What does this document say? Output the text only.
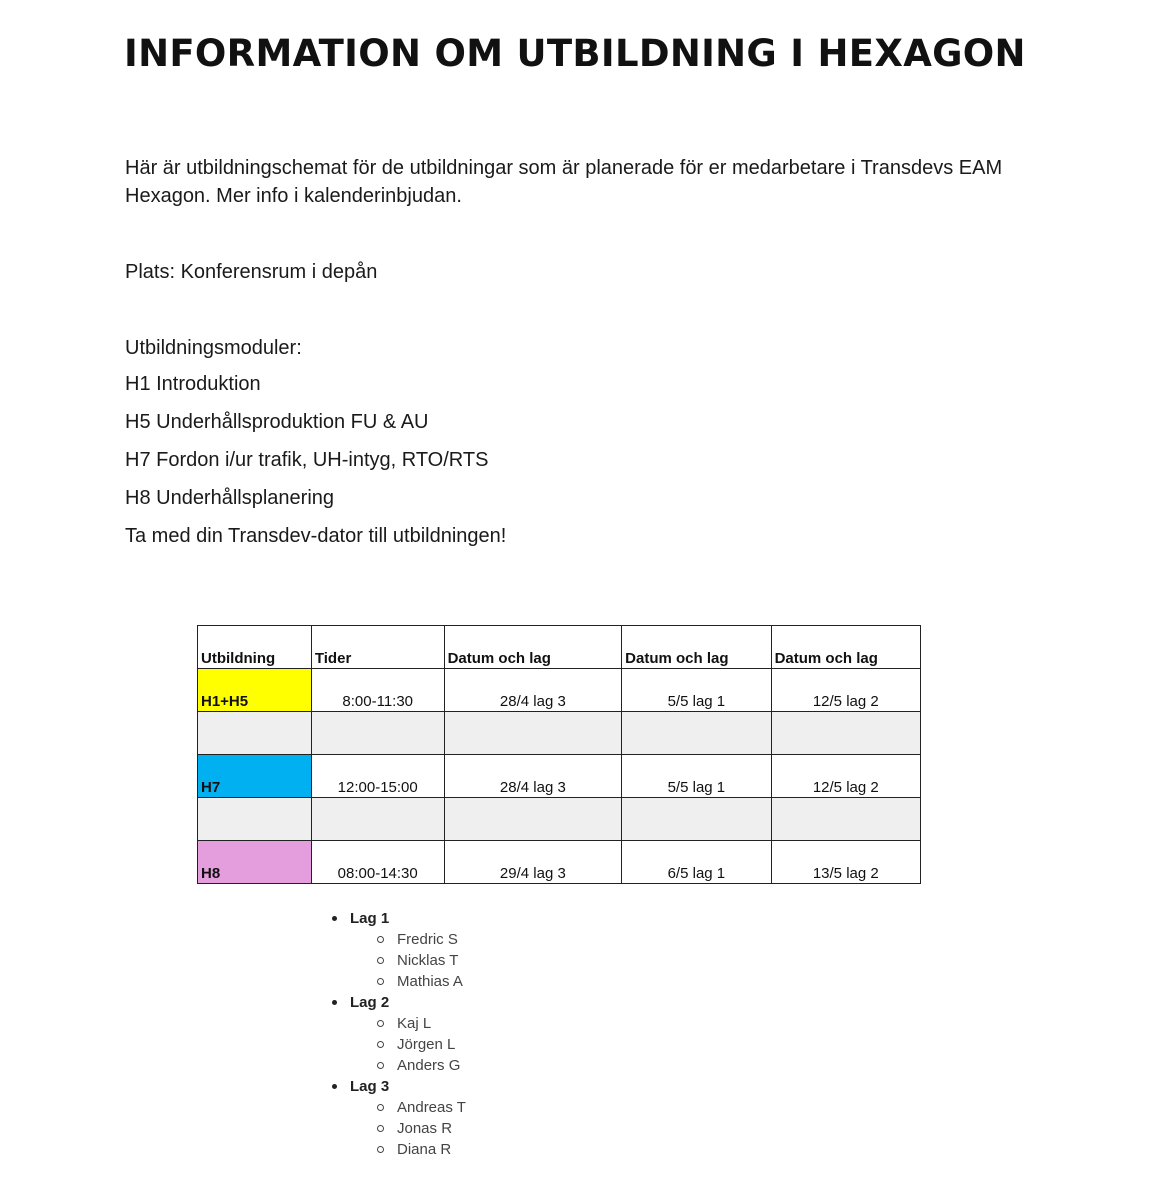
INFORMATION OM UTBILDNING I HEXAGON

Här är utbildningschemat för de utbildningar som är planerade för er medarbetare i Transdevs EAM Hexagon. Mer info i kalenderinbjudan.

Plats: Konferensrum i depån

Utbildningsmoduler:

H1 Introduktion
H5 Underhållsproduktion FU & AU
H7 Fordon i/ur trafik, UH-intyg, RTO/RTS
H8 Underhållsplanering
Ta med din Transdev-dator till utbildningen!
Utbildning	Tider	Datum och lag	Datum och lag	Datum och lag
H1+H5	8:00-11:30	28/4 lag 3	5/5 lag 1	12/5 lag 2

H7	12:00-15:00	28/4 lag 3	5/5 lag 1	12/5 lag 2

H8	08:00-14:30	29/4 lag 3	6/5 lag 1	13/5 lag 2
Lag 1
Fredric S
Nicklas T
Mathias A
Lag 2
Kaj L
Jörgen L
Anders G
Lag 3
Andreas T
Jonas R
Diana R
